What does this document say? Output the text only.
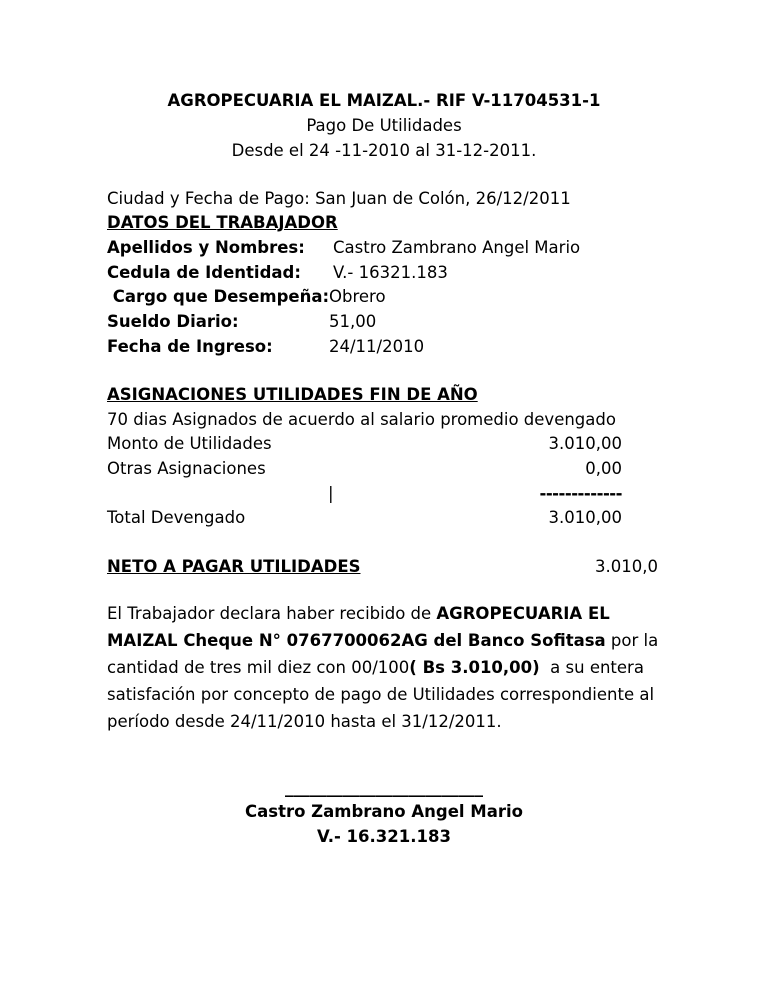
AGROPECUARIA EL MAIZAL.- RIF V-11704531-1
Pago De Utilidades
Desde el 24 -11-2010 al 31-12-2011.
Ciudad y Fecha de Pago: San Juan de Colón, 26/12/2011
DATOS DEL TRABAJADOR
Apellidos y Nombres: Castro Zambrano Angel Mario
Cedula de Identidad: V.- 16321.183
Cargo que Desempeña: Obrero
Sueldo Diario:	51,00
Fecha de Ingreso:	24/11/2010
ASIGNACIONES UTILIDADES FIN DE AÑO
70 dias Asignados de acuerdo al salario promedio devengado
Monto de Utilidades	3.010,00
Otras Asignaciones	0,00
|	-------------
Total Devengado	3.010,00
NETO A PAGAR UTILIDADES	3.010,0
El Trabajador declara haber recibido de AGROPECUARIA EL MAIZAL Cheque N° 0767700062AG del Banco Sofitasa por la cantidad de tres mil diez con 00/100( Bs 3.010,00)  a su entera satisfación por concepto de pago de Utilidades correspondiente al período desde 24/11/2010 hasta el 31/12/2011.
________________________
Castro Zambrano Angel Mario
V.- 16.321.183
